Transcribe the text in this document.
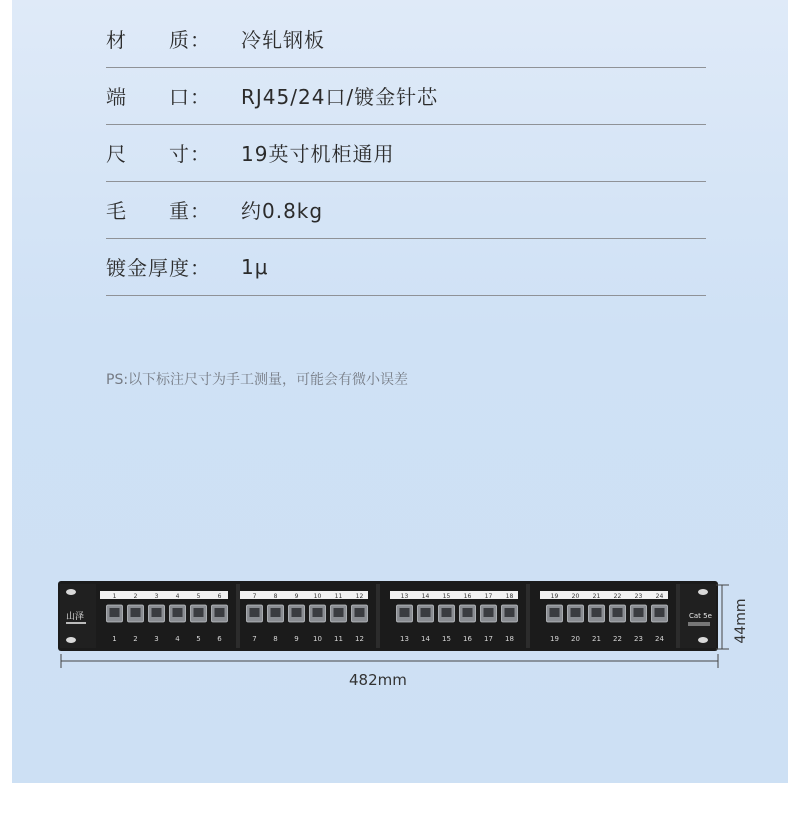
材　　质：	冷轧钢板
端　　口：	RJ45/24口/镀金针芯
尺　　寸：	19英寸机柜通用
毛　　重：	约0.8kg
镀金厚度：	1μ
PS:以下标注尺寸为手工测量，可能会有微小误差
山泽	Cat 5e
1
1
2
2
3
3
4
4
5
5
6
6
7
7
8
8
9
9
10
10
11
11
12
12
13
13
14
14
15
15
16
16
17
17
18
18
19
19
20
20
21
21
22
22
23
23
24
24
482mm
44mm
